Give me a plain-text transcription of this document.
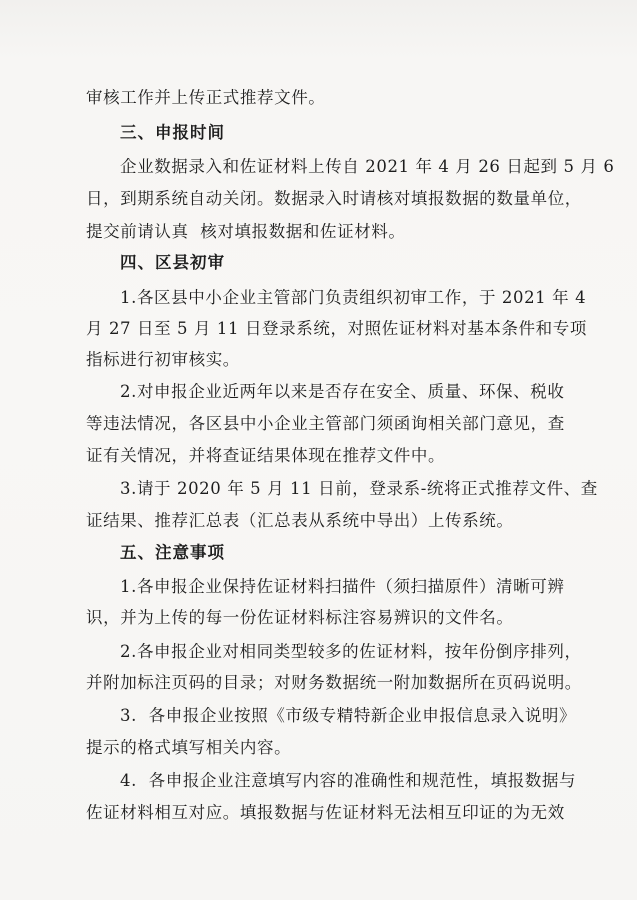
审核工作并上传正式推荐文件。
三、申报时间
企业数据录入和佐证材料上传自 2021 年 4 月 26 日起到 5 月 6
日，到期系统自动关闭。数据录入时请核对填报数据的数量单位，
提交前请认真  核对填报数据和佐证材料。
四、区县初审
1.各区县中小企业主管部门负责组织初审工作，于 2021 年 4
月 27 日至 5 月 11 日登录系统，对照佐证材料对基本条件和专项
指标进行初审核实。
2.对申报企业近两年以来是否存在安全、质量、环保、税收
等违法情况，各区县中小企业主管部门须函询相关部门意见，查
证有关情况，并将查证结果体现在推荐文件中。
3.请于 2020 年 5 月 11 日前，登录系-统将正式推荐文件、查
证结果、推荐汇总表（汇总表从系统中导出）上传系统。
五、注意事项
1.各申报企业保持佐证材料扫描件（须扫描原件）清晰可辨
识，并为上传的每一份佐证材料标注容易辨识的文件名。
2.各申报企业对相同类型较多的佐证材料，按年份倒序排列，
并附加标注页码的目录；对财务数据统一附加数据所在页码说明。
3.  各申报企业按照《市级专精特新企业申报信息录入说明》
提示的格式填写相关内容。
4.  各申报企业注意填写内容的准确性和规范性，填报数据与
佐证材料相互对应。填报数据与佐证材料无法相互印证的为无效
